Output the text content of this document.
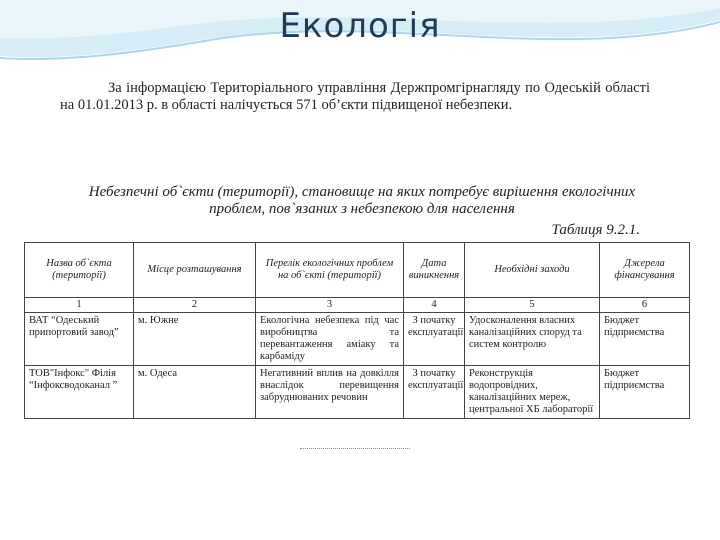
Екологія

За інформацією Територіального управління Держпромгірнагляду по Одеській області на 01.01.2013 р. в області налічується 571 об’єкти підвищеної небезпеки.

Небезпечні об`єкти (території), становище на яких потребує вирішення екологічних проблем, пов`язаних з небезпекою для населення
Таблиця 9.2.1.
Назва об`єкта (території)	Місце розташування	Перелік екологічних проблем на об`єкті (території)	Дата виникнення	Необхідні заходи	Джерела фінансування
1	2	3	4	5	6
ВАТ “Одеський припортовий завод”	м. Южне	Екологічна небезпека під час виробництва та перевантаження аміаку та карбаміду	З початку експлуатації	Удосконалення власних каналізаційних споруд та систем контролю	Бюджет підприємства
ТОВ"Інфокс" Філія “Інфоксводоканал ”	м. Одеса	Негативний вплив на довкілля внаслідок перевищення забруднюваних речовин	З початку експлуатації	Реконструкція водопровідних, каналізаційних мереж, центральної ХБ лабораторії	Бюджет підприємства
